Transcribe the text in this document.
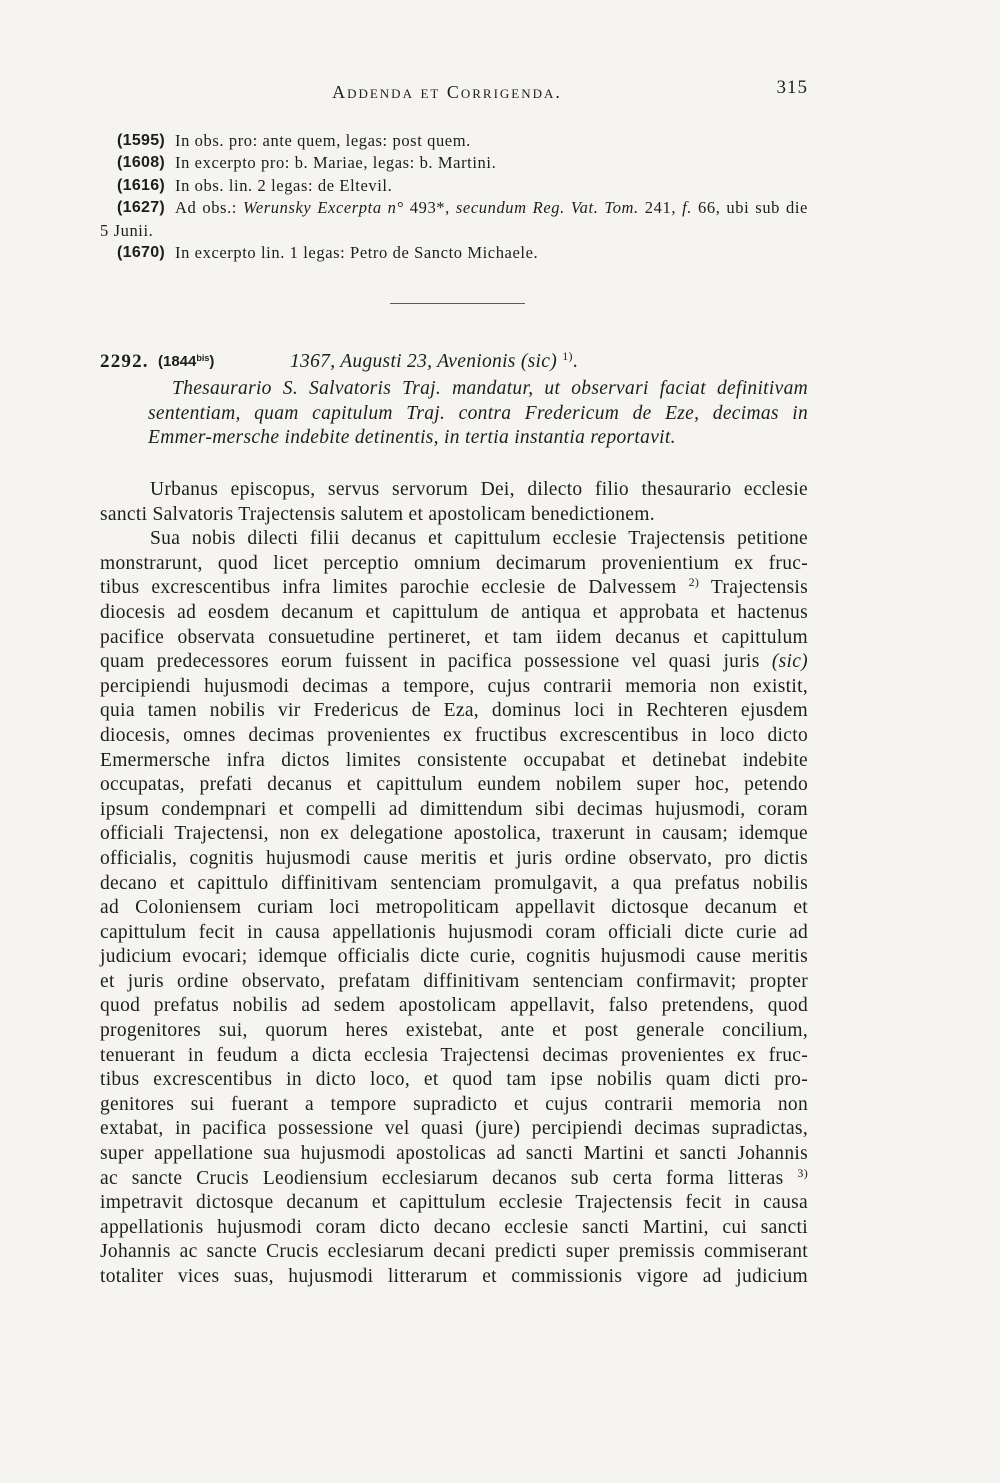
Addenda et Corrigenda.	315
(1595) In obs. pro: ante quem, legas: post quem.
(1608) In excerpto pro: b. Mariae, legas: b. Martini.
(1616) In obs. lin. 2 legas: de Eltevil.
(1627) Ad obs.: Werunsky Excerpta n° 493*, secundum Reg. Vat. Tom. 241, f. 66, ubi sub die
5 Junii.
(1670) In excerpto lin. 1 legas: Petro de Sancto Michaele.
2292. $(1844^{bis})$	1367, Augusti 23, Avenionis (sic) $^{1)}$.
Thesaurario S. Salvatoris Traj. mandatur, ut observari faciat definitivam
sententiam, quam capitulum Traj. contra Fredericum de Eze, decimas in
Emmer-mersche indebite detinentis, in tertia instantia reportavit.
Urbanus episcopus, servus servorum Dei, dilecto filio thesaurario ecclesie
sancti Salvatoris Trajectensis salutem et apostolicam benedictionem.
Sua nobis dilecti filii decanus et capittulum ecclesie Trajectensis petitione
monstrarunt, quod licet perceptio omnium decimarum provenientium ex fruc-
tibus excrescentibus infra limites parochie ecclesie de Dalvessem $^{2)}$ Trajectensis
diocesis ad eosdem decanum et capittulum de antiqua et approbata et hactenus
pacifice observata consuetudine pertineret, et tam iidem decanus et capittulum
quam predecessores eorum fuissent in pacifica possessione vel quasi juris (sic)
percipiendi hujusmodi decimas a tempore, cujus contrarii memoria non existit,
quia tamen nobilis vir Fredericus de Eza, dominus loci in Rechteren ejusdem
diocesis, omnes decimas provenientes ex fructibus excrescentibus in loco dicto
Emermersche infra dictos limites consistente occupabat et detinebat indebite
occupatas, prefati decanus et capittulum eundem nobilem super hoc, petendo
ipsum condempnari et compelli ad dimittendum sibi decimas hujusmodi, coram
officiali Trajectensi, non ex delegatione apostolica, traxerunt in causam; idemque
officialis, cognitis hujusmodi cause meritis et juris ordine observato, pro dictis
decano et capittulo diffinitivam sentenciam promulgavit, a qua prefatus nobilis
ad Coloniensem curiam loci metropoliticam appellavit dictosque decanum et
capittulum fecit in causa appellationis hujusmodi coram officiali dicte curie ad
judicium evocari; idemque officialis dicte curie, cognitis hujusmodi cause meritis
et juris ordine observato, prefatam diffinitivam sentenciam confirmavit; propter
quod prefatus nobilis ad sedem apostolicam appellavit, falso pretendens, quod
progenitores sui, quorum heres existebat, ante et post generale concilium,
tenuerant in feudum a dicta ecclesia Trajectensi decimas provenientes ex fruc-
tibus excrescentibus in dicto loco, et quod tam ipse nobilis quam dicti pro-
genitores sui fuerant a tempore supradicto et cujus contrarii memoria non
extabat, in pacifica possessione vel quasi (jure) percipiendi decimas supradictas,
super appellatione sua hujusmodi apostolicas ad sancti Martini et sancti Johannis
ac sancte Crucis Leodiensium ecclesiarum decanos sub certa forma litteras $^{3)}$
impetravit dictosque decanum et capittulum ecclesie Trajectensis fecit in causa
appellationis hujusmodi coram dicto decano ecclesie sancti Martini, cui sancti
Johannis ac sancte Crucis ecclesiarum decani predicti super premissis commiserant
totaliter vices suas, hujusmodi litterarum et commissionis vigore ad judicium
